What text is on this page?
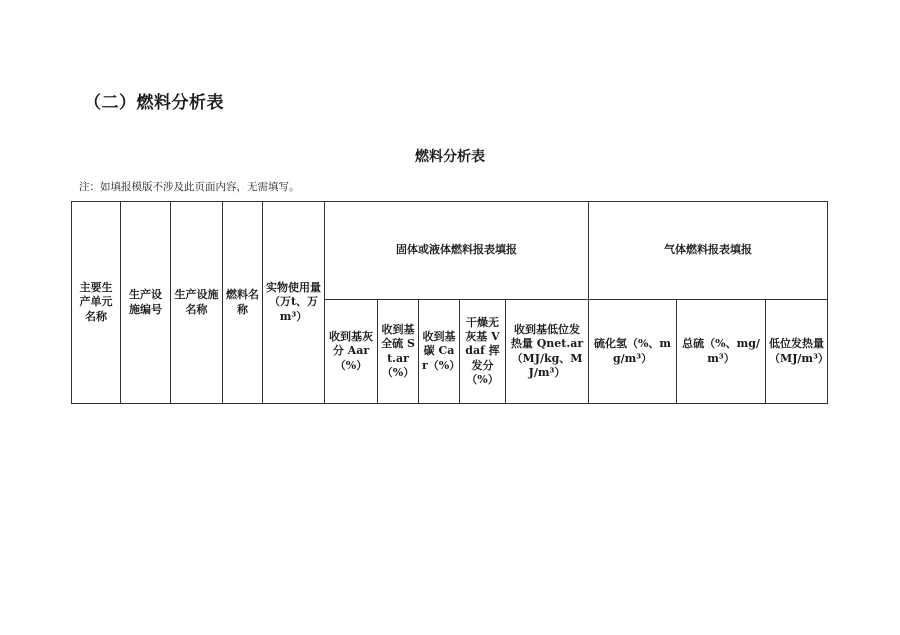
（二）燃料分析表
燃料分析表

注：如填报模版不涉及此页面内容，无需填写。

主要生产单元名称	生产设施编号	生产设施名称	燃料名称	实物使用量（万t、万 m³）	固体或液体燃料报表填报					气体燃料报表填报		
					收到基灰分 Aar（%）	收到基全硫 St.ar（%）	收到基碳 Car（%）	干燥无灰基 Vdaf 挥发分（%）	收到基低位发热量 Qnet.ar（MJ/kg、MJ/m³）	硫化氢（%、mg/m³）	总硫（%、mg/m³）	低位发热量（MJ/m³）
